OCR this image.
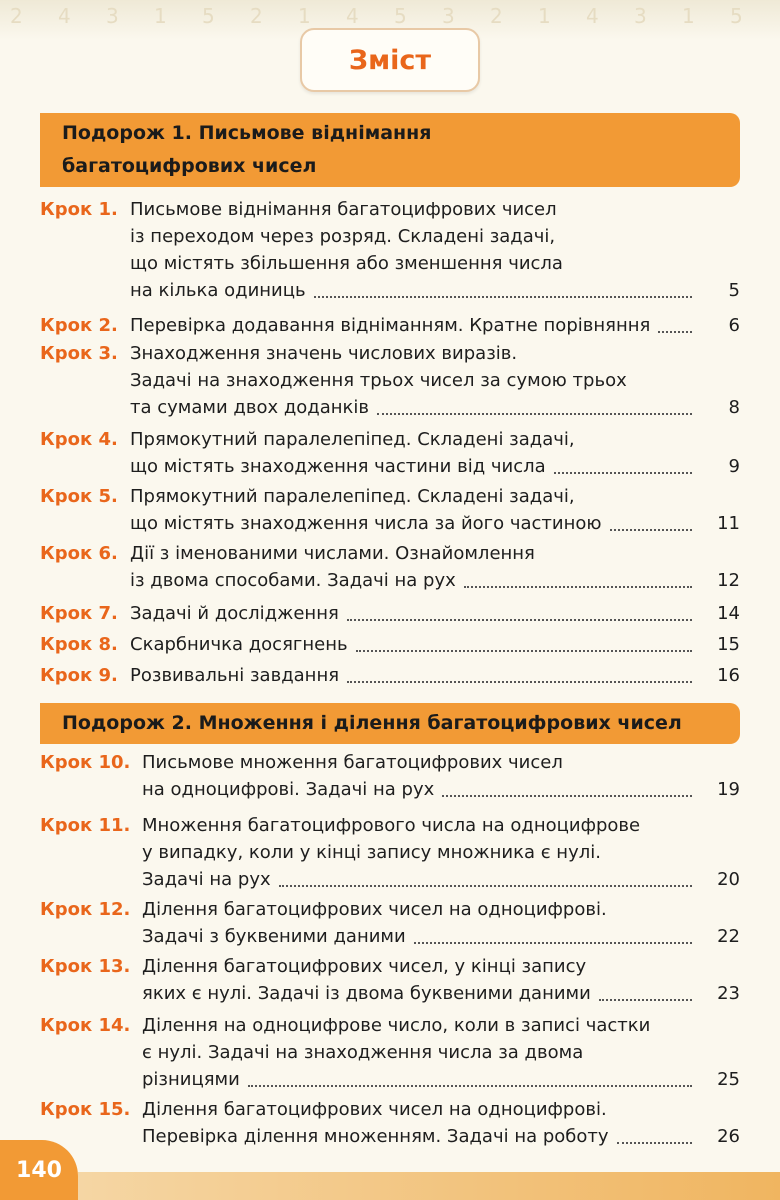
2 4 3 1 5 2 1 4 5 3 2 1 4 3 1 5
Зміст
Подорож 1. Письмове віднімання
багатоцифрових чисел
Крок 1. Письмове віднімання багатоцифрових чисел
із переходом через розряд. Складені задачі,
що містять збільшення або зменшення числа
на кілька одиниць	5
Крок 2. Перевірка додавання відніманням. Кратне порівняння	6
Крок 3. Знаходження значень числових виразів.
Задачі на знаходження трьох чисел за сумою трьох
та сумами двох доданків	8
Крок 4. Прямокутний паралелепіпед. Складені задачі,
що містять знаходження частини від числа	9
Крок 5. Прямокутний паралелепіпед. Складені задачі,
що містять знаходження числа за його частиною	11
Крок 6. Дії з іменованими числами. Ознайомлення
із двома способами. Задачі на рух	12
Крок 7. Задачі й дослідження	14
Крок 8. Скарбничка досягнень	15
Крок 9. Розвивальні завдання	16
Подорож 2. Множення і ділення багатоцифрових чисел
Крок 10. Письмове множення багатоцифрових чисел
на одноцифрові. Задачі на рух	19
Крок 11. Множення багатоцифрового числа на одноцифрове
у випадку, коли у кінці запису множника є нулі.
Задачі на рух	20
Крок 12. Ділення багатоцифрових чисел на одноцифрові.
Задачі з буквеними даними	22
Крок 13. Ділення багатоцифрових чисел, у кінці запису
яких є нулі. Задачі із двома буквеними даними	23
Крок 14. Ділення на одноцифрове число, коли в записі частки
є нулі. Задачі на знаходження числа за двома
різницями	25
Крок 15. Ділення багатоцифрових чисел на одноцифрові.
Перевірка ділення множенням. Задачі на роботу	26
140
